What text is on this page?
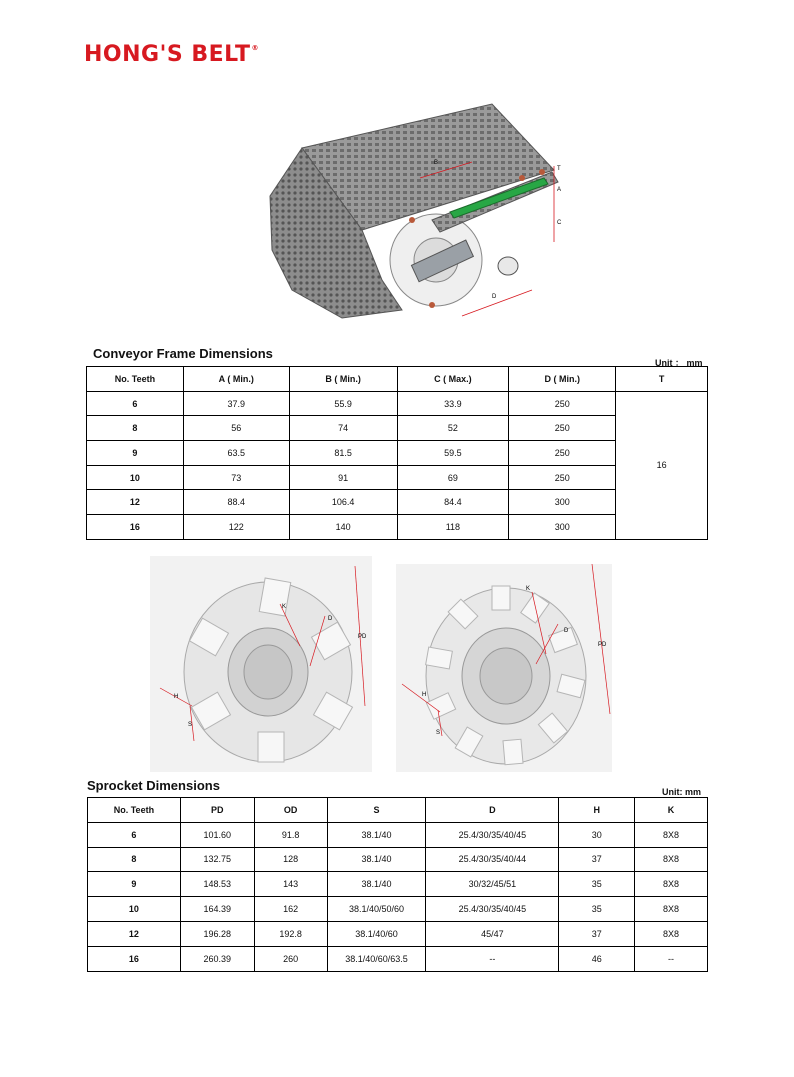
HONG'S BELT®
T
A
C
D
B
Conveyor Frame Dimensions
Unit ： mm
No. Teeth	A ( Min.)	B ( Min.)	C ( Max.)	D ( Min.)	T
6	37.9	55.9	33.9	250	16
8	56	74	52	250	
9	63.5	81.5	59.5	250	
10	73	91	69	250	
12	88.4	106.4	84.4	300	
16	122	140	118	300	
PD
K
D
H
S
PD
K
D
H
S
Sprocket Dimensions	Unit: mm
No. Teeth	PD	OD	S	D	H	K
6	101.60	91.8	38.1/40	25.4/30/35/40/45	30	8X8
8	132.75	128	38.1/40	25.4/30/35/40/44	37	8X8
9	148.53	143	38.1/40	30/32/45/51	35	8X8
10	164.39	162	38.1/40/50/60	25.4/30/35/40/45	35	8X8
12	196.28	192.8	38.1/40/60	45/47	37	8X8
16	260.39	260	38.1/40/60/63.5	--	46	--
